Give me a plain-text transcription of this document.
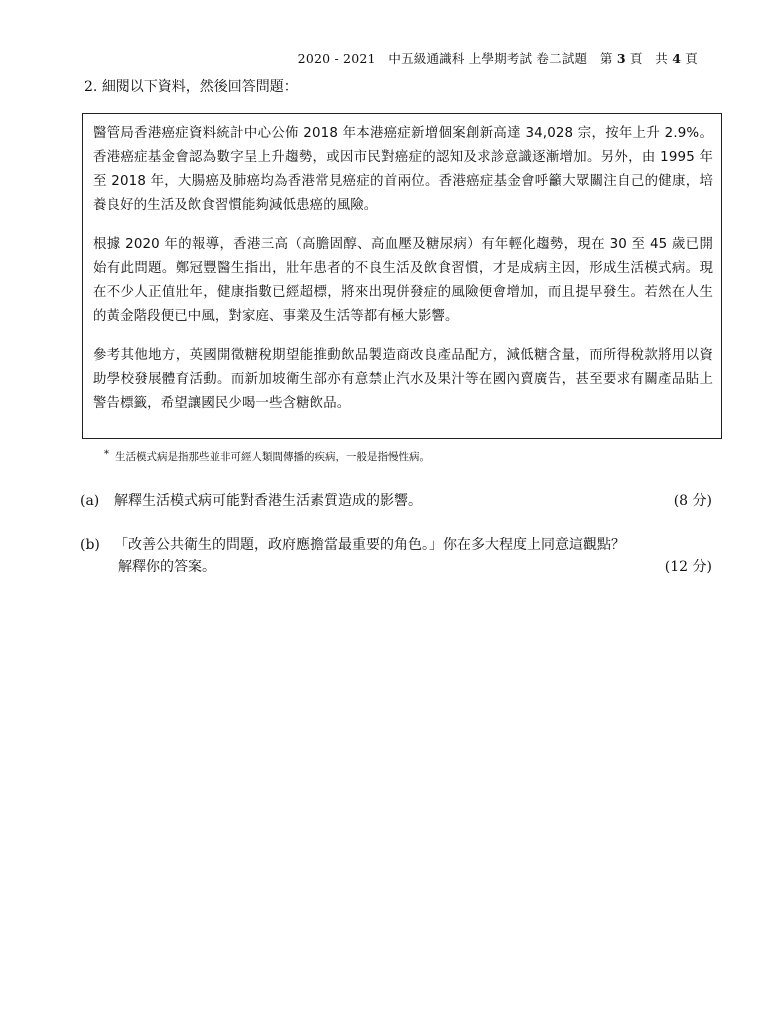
2020 - 2021　中五級通識科 上學期考試 卷二試題　第 3 頁　共 4 頁
2. 細閱以下資料，然後回答問題：

醫管局香港癌症資料統計中心公佈 2018 年本港癌症新增個案創新高達 34,028 宗，按年上升 2.9%。香港癌症基金會認為數字呈上升趨勢，或因市民對癌症的認知及求診意識逐漸增加。另外，由 1995 年至 2018 年，大腸癌及肺癌均為香港常見癌症的首兩位。香港癌症基金會呼籲大眾關注自己的健康，培養良好的生活及飲食習慣能夠減低患癌的風險。

根據 2020 年的報導，香港三高（高膽固醇、高血壓及糖尿病）有年輕化趨勢，現在 30 至 45 歲已開始有此問題。鄭冠豐醫生指出，壯年患者的不良生活及飲食習慣，才是成病主因，形成生活模式病。現在不少人正值壯年，健康指數已經超標，將來出現併發症的風險便會增加，而且提早發生。若然在人生的黃金階段便已中風，對家庭、事業及生活等都有極大影響。

參考其他地方，英國開徵糖稅期望能推動飲品製造商改良產品配方，減低糖含量，而所得稅款將用以資助學校發展體育活動。而新加坡衛生部亦有意禁止汽水及果汁等在國內賣廣告，甚至要求有關產品貼上警告標籤，希望讓國民少喝一些含糖飲品。

* 生活模式病是指那些並非可經人類間傳播的疾病，一般是指慢性病。
(a) 解釋生活模式病可能對香港生活素質造成的影響。	(8 分)
(b) 「改善公共衛生的問題，政府應擔當最重要的角色。」你在多大程度上同意這觀點？
解釋你的答案。	(12 分)
